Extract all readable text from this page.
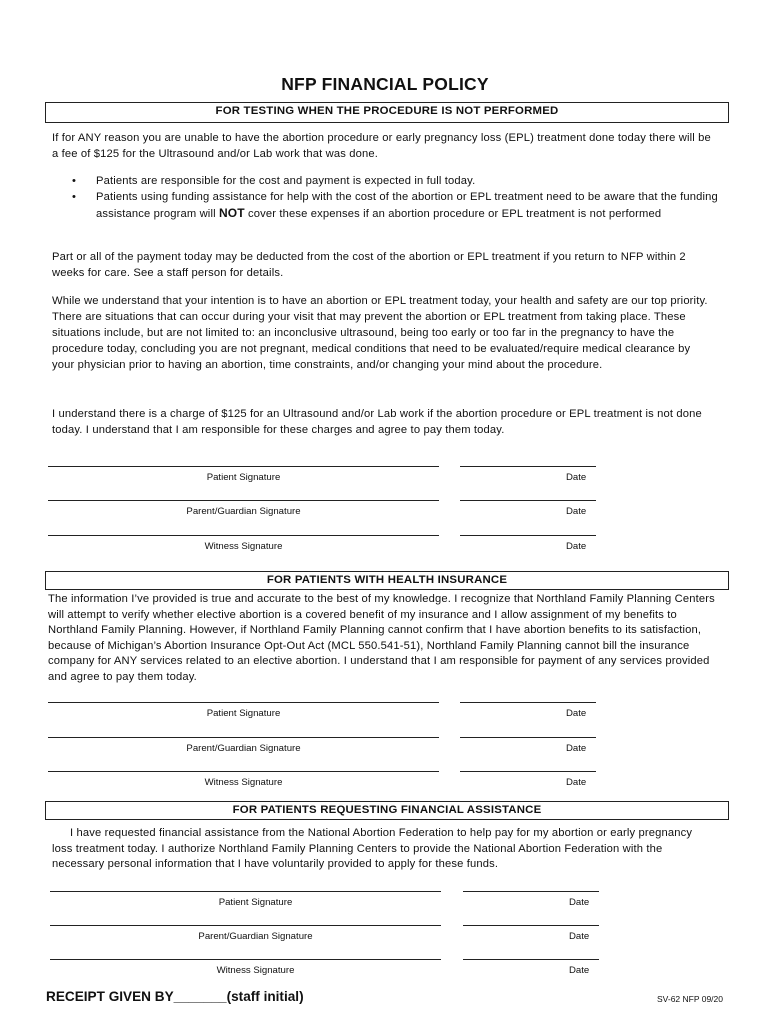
NFP FINANCIAL POLICY
FOR TESTING WHEN THE PROCEDURE IS NOT PERFORMED
If for ANY reason you are unable to have the abortion procedure or early pregnancy loss (EPL) treatment done today there will be a fee of $125 for the Ultrasound and/or Lab work that was done.
• Patients are responsible for the cost and payment is expected in full today.
• Patients using funding assistance for help with the cost of the abortion or EPL treatment need to be aware that the funding assistance program will NOT cover these expenses if an abortion procedure or EPL treatment is not performed
Part or all of the payment today may be deducted from the cost of the abortion or EPL treatment if you return to NFP within 2 weeks for care. See a staff person for details.
While we understand that your intention is to have an abortion or EPL treatment today, your health and safety are our top priority. There are situations that can occur during your visit that may prevent the abortion or EPL treatment from taking place. These situations include, but are not limited to: an inconclusive ultrasound, being too early or too far in the pregnancy to have the procedure today, concluding you are not pregnant, medical conditions that need to be evaluated/require medical clearance by your physician prior to having an abortion, time constraints, and/or changing your mind about the procedure.
I understand there is a charge of $125 for an Ultrasound and/or Lab work if the abortion procedure or EPL treatment is not done today. I understand that I am responsible for these charges and agree to pay them today.
Patient Signature	Date
Parent/Guardian Signature	Date
Witness Signature	Date
FOR PATIENTS WITH HEALTH INSURANCE
The information I’ve provided is true and accurate to the best of my knowledge. I recognize that Northland Family Planning Centers will attempt to verify whether elective abortion is a covered benefit of my insurance and I allow assignment of my benefits to Northland Family Planning. However, if Northland Family Planning cannot confirm that I have abortion benefits to its satisfaction, because of Michigan’s Abortion Insurance Opt-Out Act (MCL 550.541-51), Northland Family Planning cannot bill the insurance company for ANY services related to an elective abortion. I understand that I am responsible for payment of any services provided and agree to pay them today.
Patient Signature	Date
Parent/Guardian Signature	Date
Witness Signature	Date
FOR PATIENTS REQUESTING FINANCIAL ASSISTANCE
I have requested financial assistance from the National Abortion Federation to help pay for my abortion or early pregnancy loss treatment today. I authorize Northland Family Planning Centers to provide the National Abortion Federation with the necessary personal information that I have voluntarily provided to apply for these funds.
Patient Signature	Date
Parent/Guardian Signature	Date
Witness Signature	Date
RECEIPT GIVEN BY_______(staff initial)	SV-62 NFP 09/20
